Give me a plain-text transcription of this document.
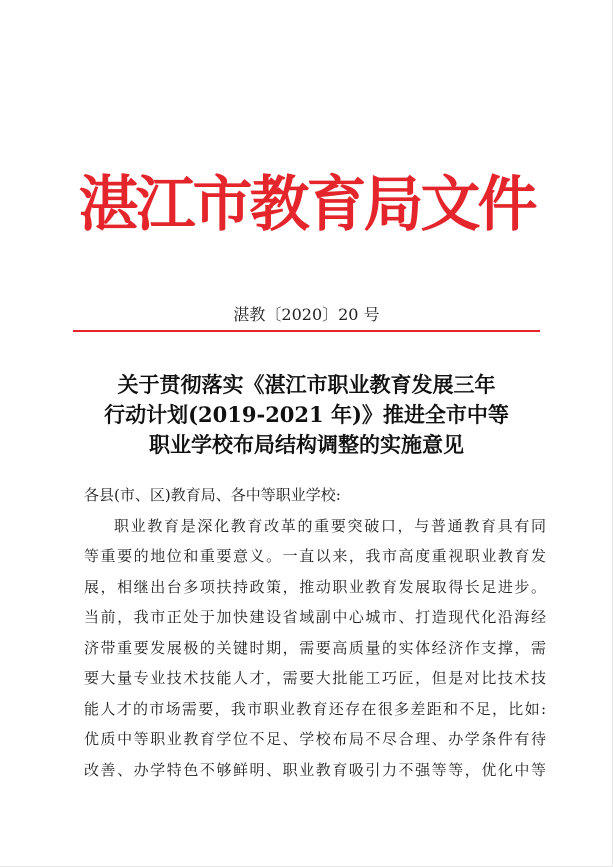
湛江市教育局文件
湛教〔2020〕20 号
关于贯彻落实《湛江市职业教育发展三年
行动计划(2019-2021 年)》推进全市中等
职业学校布局结构调整的实施意见
各县(市、区)教育局、各中等职业学校:
职业教育是深化教育改革的重要突破口，与普通教育具有同
等重要的地位和重要意义。一直以来，我市高度重视职业教育发
展，相继出台多项扶持政策，推动职业教育发展取得长足进步。
当前，我市正处于加快建设省域副中心城市、打造现代化沿海经
济带重要发展极的关键时期，需要高质量的实体经济作支撑，需
要大量专业技术技能人才，需要大批能工巧匠，但是对比技术技
能人才的市场需要，我市职业教育还存在很多差距和不足，比如:
优质中等职业教育学位不足、学校布局不尽合理、办学条件有待
改善、办学特色不够鲜明、职业教育吸引力不强等等，优化中等
